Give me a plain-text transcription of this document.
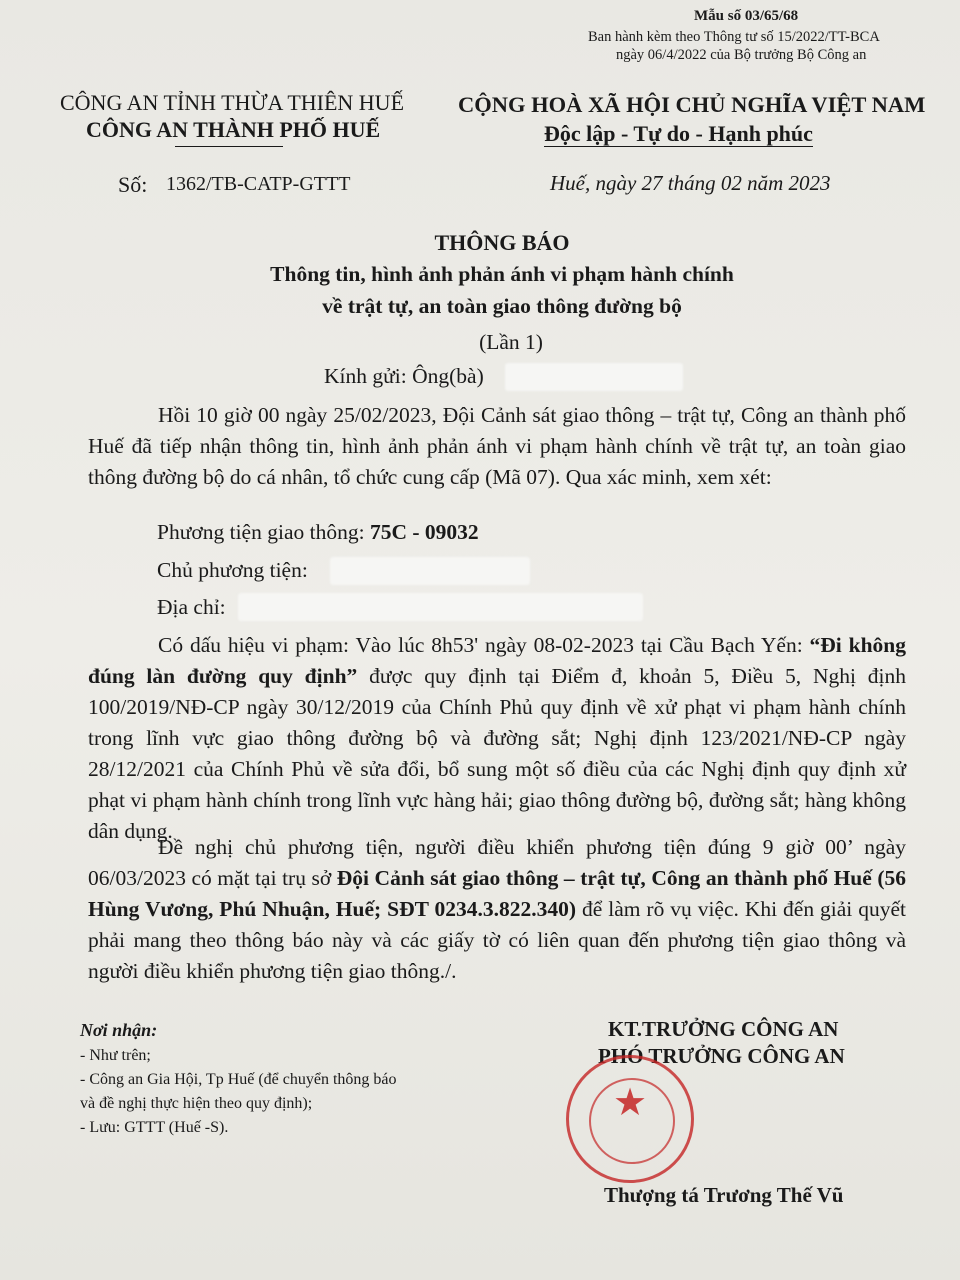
Mẫu số 03/65/68
Ban hành kèm theo Thông tư số 15/2022/TT-BCA
ngày 06/4/2022 của Bộ trưởng Bộ Công an
CÔNG AN TỈNH THỪA THIÊN HUẾ
CÔNG AN THÀNH PHỐ HUẾ
Số: 1362/TB-CATP-GTTT
CỘNG HOÀ XÃ HỘI CHỦ NGHĨA VIỆT NAM
Độc lập - Tự do - Hạnh phúc
Huế, ngày 27 tháng 02 năm 2023
THÔNG BÁO
Thông tin, hình ảnh phản ánh vi phạm hành chính
về trật tự, an toàn giao thông đường bộ
(Lần 1)
Kính gửi: Ông(bà)

Hồi 10 giờ 00 ngày 25/02/2023, Đội Cảnh sát giao thông – trật tự, Công an thành phố Huế đã tiếp nhận thông tin, hình ảnh phản ánh vi phạm hành chính về trật tự, an toàn giao thông đường bộ do cá nhân, tổ chức cung cấp (Mã 07). Qua xác minh, xem xét:

Phương tiện giao thông: 75C - 09032
Chủ phương tiện:
Địa chỉ:

Có dấu hiệu vi phạm: Vào lúc 8h53' ngày 08-02-2023 tại Cầu Bạch Yến: “Đi không đúng làn đường quy định” được quy định tại Điểm đ, khoản 5, Điều 5, Nghị định 100/2019/NĐ-CP ngày 30/12/2019 của Chính Phủ quy định về xử phạt vi phạm hành chính trong lĩnh vực giao thông đường bộ và đường sắt; Nghị định 123/2021/NĐ-CP ngày 28/12/2021 của Chính Phủ về sửa đổi, bổ sung một số điều của các Nghị định quy định xử phạt vi phạm hành chính trong lĩnh vực hàng hải; giao thông đường bộ, đường sắt; hàng không dân dụng.

Đề nghị chủ phương tiện, người điều khiển phương tiện đúng 9 giờ 00’ ngày 06/03/2023 có mặt tại trụ sở Đội Cảnh sát giao thông – trật tự, Công an thành phố Huế (56 Hùng Vương, Phú Nhuận, Huế; SĐT 0234.3.822.340) để làm rõ vụ việc. Khi đến giải quyết phải mang theo thông báo này và các giấy tờ có liên quan đến phương tiện giao thông và người điều khiển phương tiện giao thông./.

Nơi nhận:
- Như trên;
- Công an Gia Hội, Tp Huế (để chuyển thông báo
và đề nghị thực hiện theo quy định);
- Lưu: GTTT (Huế -S).
KT.TRƯỞNG CÔNG AN
PHÓ TRƯỞNG CÔNG AN
★
Thượng tá Trương Thế Vũ
